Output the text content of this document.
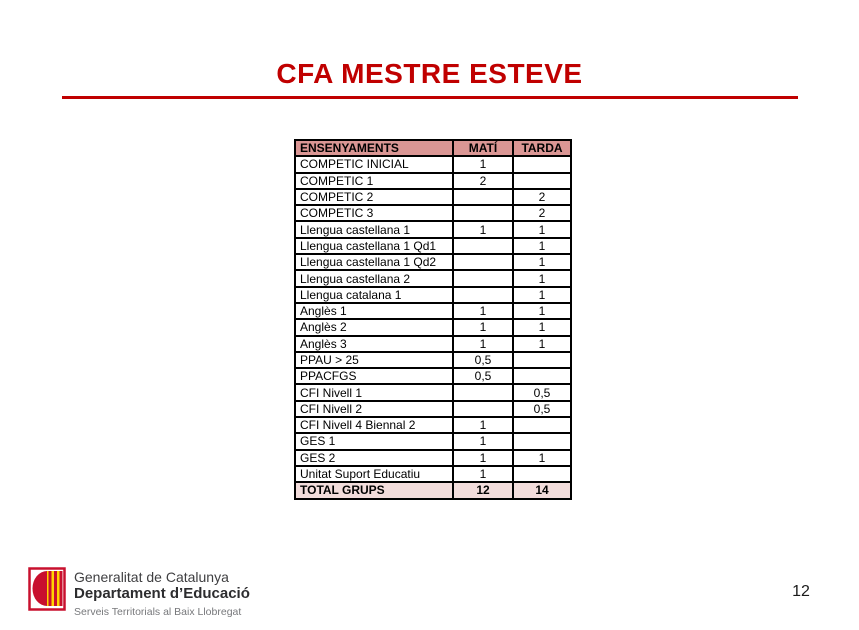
CFA MESTRE ESTEVE
ENSENYAMENTS	MATÍ	TARDA
COMPETIC INICIAL	1	
COMPETIC 1	2	
COMPETIC 2		2
COMPETIC 3		2
Llengua castellana 1	1	1
Llengua castellana 1 Qd1		1
Llengua castellana 1 Qd2		1
Llengua castellana 2		1
Llengua catalana 1		1
Anglès 1	1	1
Anglès 2	1	1
Anglès 3	1	1
PPAU > 25	0,5	
PPACFGS	0,5	
CFI Nivell 1		0,5
CFI Nivell 2		0,5
CFI Nivell 4 Biennal 2	1	
GES 1	1	
GES 2	1	1
Unitat Suport Educatiu	1	
TOTAL GRUPS	12	14
Generalitat de Catalunya
Departament d’Educació
Serveis Territorials al Baix Llobregat
12
